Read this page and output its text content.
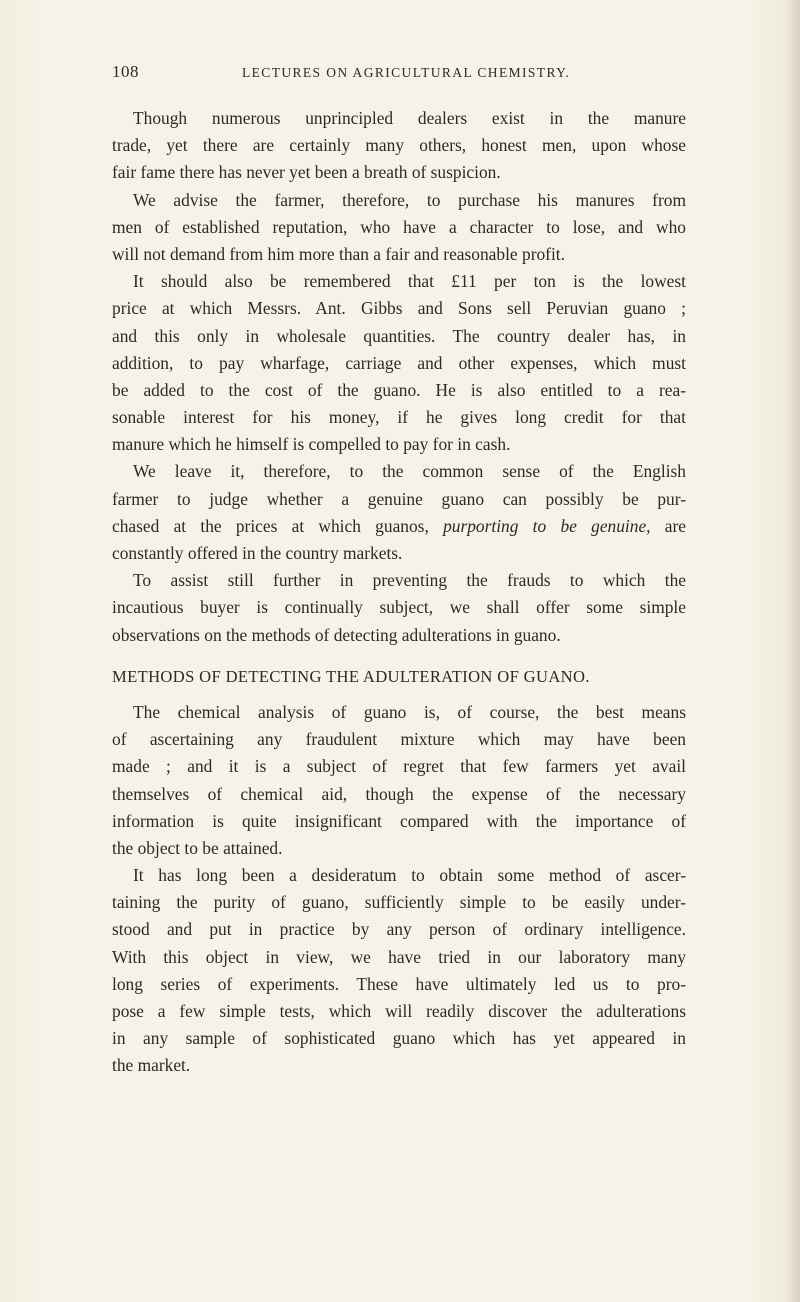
108	LECTURES ON AGRICULTURAL CHEMISTRY.
Though numerous unprincipled dealers exist in the manure
trade, yet there are certainly many others, honest men, upon whose
fair fame there has never yet been a breath of suspicion.
We advise the farmer, therefore, to purchase his manures from
men of established reputation, who have a character to lose, and who
will not demand from him more than a fair and reasonable profit.
It should also be remembered that £11 per ton is the lowest
price at which Messrs. Ant. Gibbs and Sons sell Peruvian guano ;
and this only in wholesale quantities. The country dealer has, in
addition, to pay wharfage, carriage and other expenses, which must
be added to the cost of the guano. He is also entitled to a rea-
sonable interest for his money, if he gives long credit for that
manure which he himself is compelled to pay for in cash.
We leave it, therefore, to the common sense of the English
farmer to judge whether a genuine guano can possibly be pur-
chased at the prices at which guanos, purporting to be genuine, are
constantly offered in the country markets.
To assist still further in preventing the frauds to which the
incautious buyer is continually subject, we shall offer some simple
observations on the methods of detecting adulterations in guano.
METHODS OF DETECTING THE ADULTERATION OF GUANO.
The chemical analysis of guano is, of course, the best means
of ascertaining any fraudulent mixture which may have been
made ; and it is a subject of regret that few farmers yet avail
themselves of chemical aid, though the expense of the necessary
information is quite insignificant compared with the importance of
the object to be attained.
It has long been a desideratum to obtain some method of ascer-
taining the purity of guano, sufficiently simple to be easily under-
stood and put in practice by any person of ordinary intelligence.
With this object in view, we have tried in our laboratory many
long series of experiments. These have ultimately led us to pro-
pose a few simple tests, which will readily discover the adulterations
in any sample of sophisticated guano which has yet appeared in
the market.
